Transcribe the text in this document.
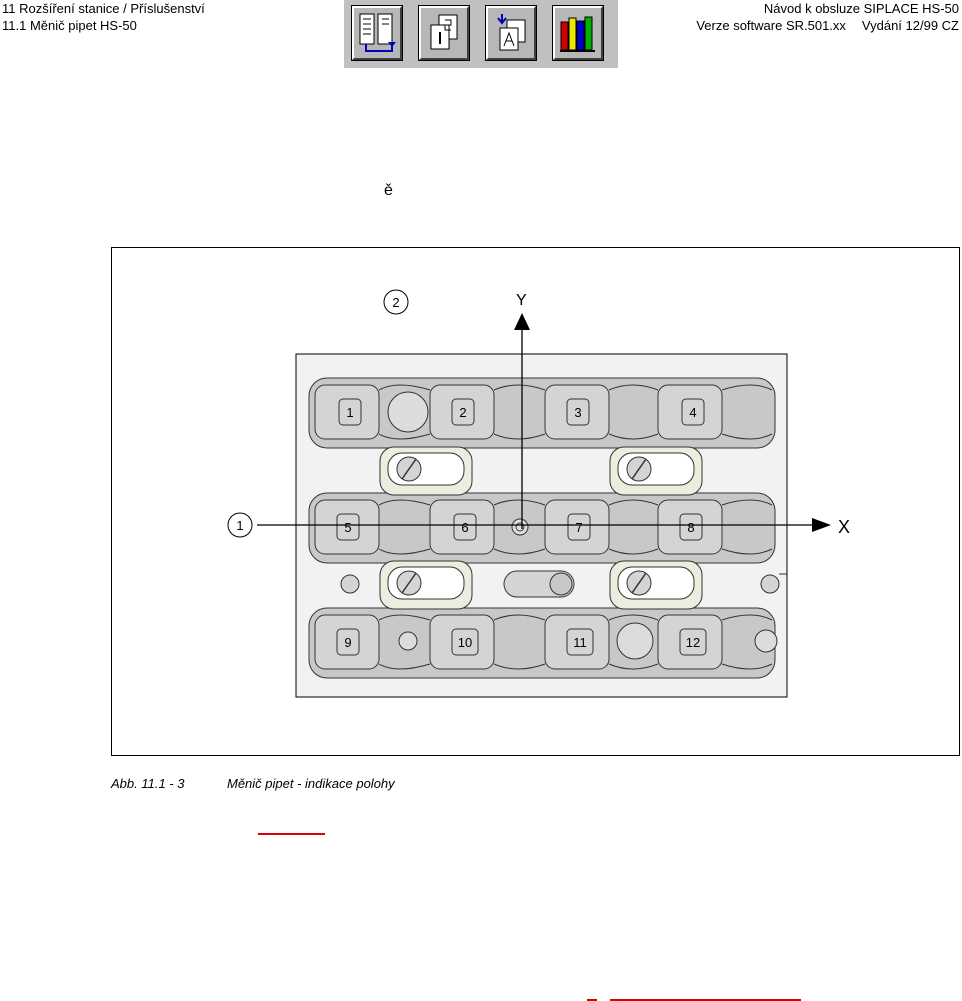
11 Rozšíření stanice / Příslušenství
11.1 Měnič pipet HS-50
Návod k obsluze SIPLACE HS-50
Verze software SR.501.xx Vydání 12/99 CZ
ě
1	2	3	4
5	6	7	8
9	10	11	12
Y
X
1
2
Abb. 11.1 - 3	Měnič pipet - indikace polohy
